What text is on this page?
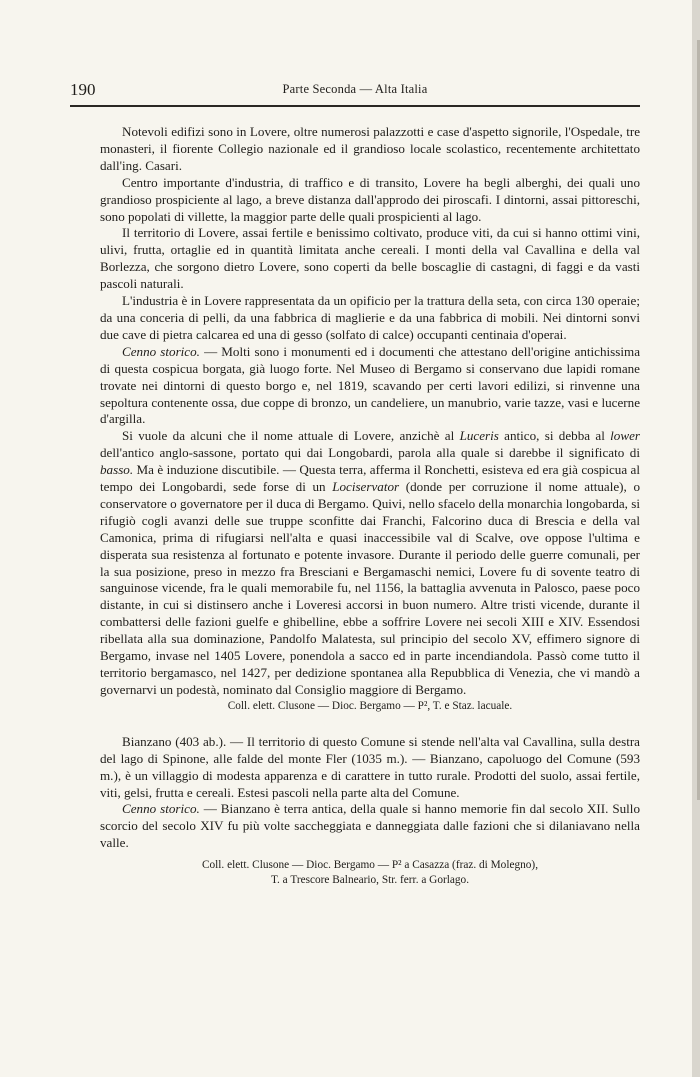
190	Parte Seconda — Alta Italia

Notevoli edifizi sono in Lovere, oltre numerosi palazzotti e case d'aspetto signorile, l'Ospedale, tre monasteri, il fiorente Collegio nazionale ed il grandioso locale scolastico, recentemente architettato dall'ing. Casari.

Centro importante d'industria, di traffico e di transito, Lovere ha begli alberghi, dei quali uno grandioso prospiciente al lago, a breve distanza dall'approdo dei piroscafi. I dintorni, assai pittoreschi, sono popolati di villette, la maggior parte delle quali prospicienti al lago.

Il territorio di Lovere, assai fertile e benissimo coltivato, produce viti, da cui si hanno ottimi vini, ulivi, frutta, ortaglie ed in quantità limitata anche cereali. I monti della val Cavallina e della val Borlezza, che sorgono dietro Lovere, sono coperti da belle boscaglie di castagni, di faggi e da vasti pascoli naturali.

L'industria è in Lovere rappresentata da un opificio per la trattura della seta, con circa 130 operaie; da una conceria di pelli, da una fabbrica di maglierie e da una fabbrica di mobili. Nei dintorni sonvi due cave di pietra calcarea ed una di gesso (solfato di calce) occupanti centinaia d'operai.

Cenno storico. — Molti sono i monumenti ed i documenti che attestano dell'origine antichissima di questa cospicua borgata, già luogo forte. Nel Museo di Bergamo si conservano due lapidi romane trovate nei dintorni di questo borgo e, nel 1819, scavando per certi lavori edilizi, si rinvenne una sepoltura contenente ossa, due coppe di bronzo, un candeliere, un manubrio, varie tazze, vasi e lucerne d'argilla.

Si vuole da alcuni che il nome attuale di Lovere, anzichè al Luceris antico, si debba al lower dell'antico anglo-sassone, portato qui dai Longobardi, parola alla quale si darebbe il significato di basso. Ma è induzione discutibile. — Questa terra, afferma il Ronchetti, esisteva ed era già cospicua al tempo dei Longobardi, sede forse di un Lociservator (donde per corruzione il nome attuale), o conservatore o governatore per il duca di Bergamo. Quivi, nello sfacelo della monarchia longobarda, si rifugiò cogli avanzi delle sue truppe sconfitte dai Franchi, Falcorino duca di Brescia e della val Camonica, prima di rifugiarsi nell'alta e quasi inaccessibile val di Scalve, ove oppose l'ultima e disperata sua resistenza al fortunato e potente invasore. Durante il periodo delle guerre comunali, per la sua posizione, preso in mezzo fra Bresciani e Bergamaschi nemici, Lovere fu di sovente teatro di sanguinose vicende, fra le quali memorabile fu, nel 1156, la battaglia avvenuta in Palosco, paese poco distante, in cui si distinsero anche i Loveresi accorsi in buon numero. Altre tristi vicende, durante il combattersi delle fazioni guelfe e ghibelline, ebbe a soffrire Lovere nei secoli XIII e XIV. Essendosi ribellata alla sua dominazione, Pandolfo Malatesta, sul principio del secolo XV, effimero signore di Bergamo, invase nel 1405 Lovere, ponendola a sacco ed in parte incendiandola. Passò come tutto il territorio bergamasco, nel 1427, per dedizione spontanea alla Repubblica di Venezia, che vi mandò a governarvi un podestà, nominato dal Consiglio maggiore di Bergamo.

Coll. elett. Clusone — Dioc. Bergamo — P², T. e Staz. lacuale.

Bianzano (403 ab.). — Il territorio di questo Comune si stende nell'alta val Cavallina, sulla destra del lago di Spinone, alle falde del monte Fler (1035 m.). — Bianzano, capoluogo del Comune (593 m.), è un villaggio di modesta apparenza e di carattere in tutto rurale. Prodotti del suolo, assai fertile, viti, gelsi, frutta e cereali. Estesi pascoli nella parte alta del Comune.

Cenno storico. — Bianzano è terra antica, della quale si hanno memorie fin dal secolo XII. Sullo scorcio del secolo XIV fu più volte saccheggiata e danneggiata dalle fazioni che si dilaniavano nella valle.

Coll. elett. Clusone — Dioc. Bergamo — P² a Casazza (fraz. di Molegno),
T. a Trescore Balneario, Str. ferr. a Gorlago.
